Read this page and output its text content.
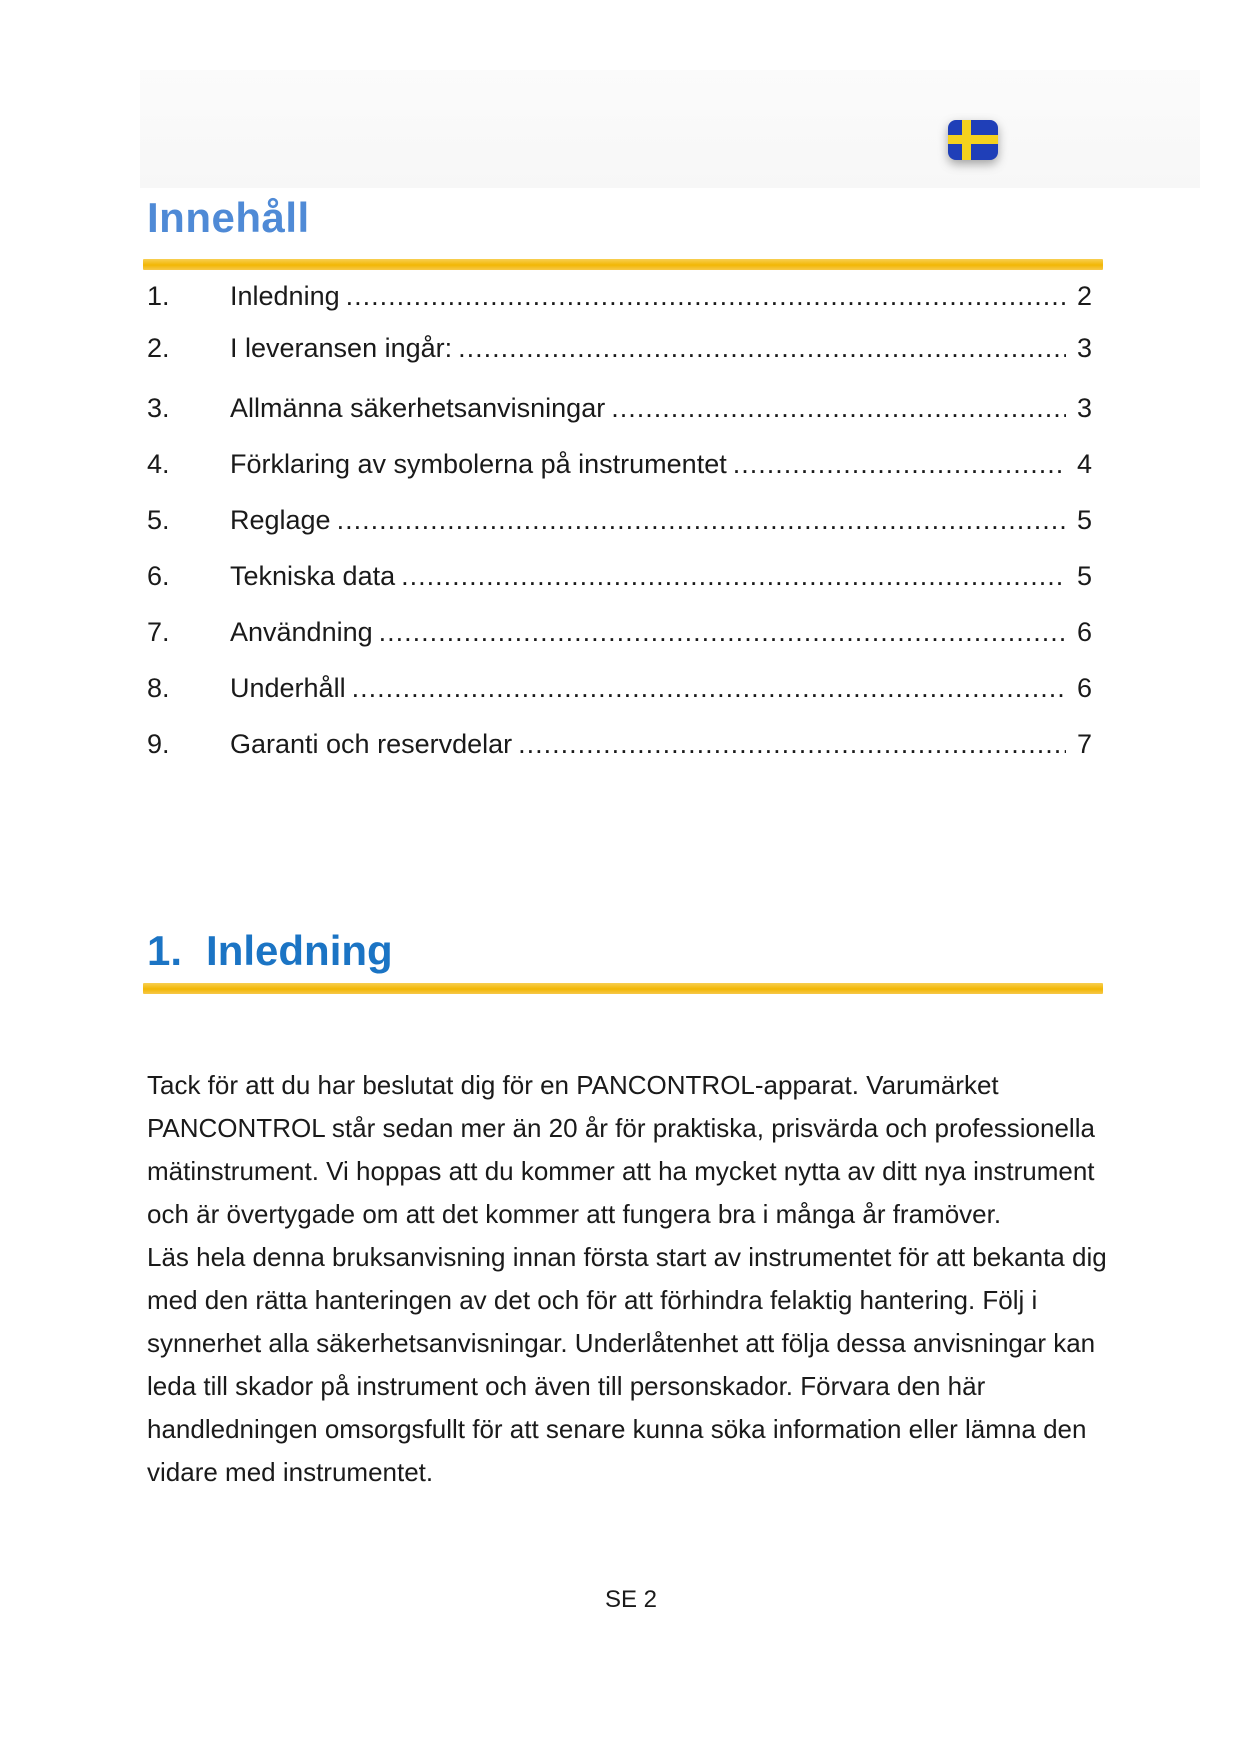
Innehåll
1.	Inledning .....	2
2.	I leveransen ingår: .....	3
3.	Allmänna säkerhetsanvisningar .....	3
4.	Förklaring av symbolerna på instrumentet .....	4
5.	Reglage .....	5
6.	Tekniska data .....	5
7.	Användning .....	6
8.	Underhåll .....	6
9.	Garanti och reservdelar .....	7
1. Inledning

Tack för att du har beslutat dig för en PANCONTROL-apparat. Varumärket PANCONTROL står sedan mer än 20 år för praktiska, prisvärda och professionella mätinstrument. Vi hoppas att du kommer att ha mycket nytta av ditt nya instrument och är övertygade om att det kommer att fungera bra i många år framöver.

Läs hela denna bruksanvisning innan första start av instrumentet för att bekanta dig med den rätta hanteringen av det och för att förhindra felaktig hantering. Följ i synnerhet alla säkerhetsanvisningar. Underlåtenhet att följa dessa anvisningar kan leda till skador på instrument och även till personskador. Förvara den här handledningen omsorgsfullt för att senare kunna söka information eller lämna den vidare med instrumentet.

SE 2
